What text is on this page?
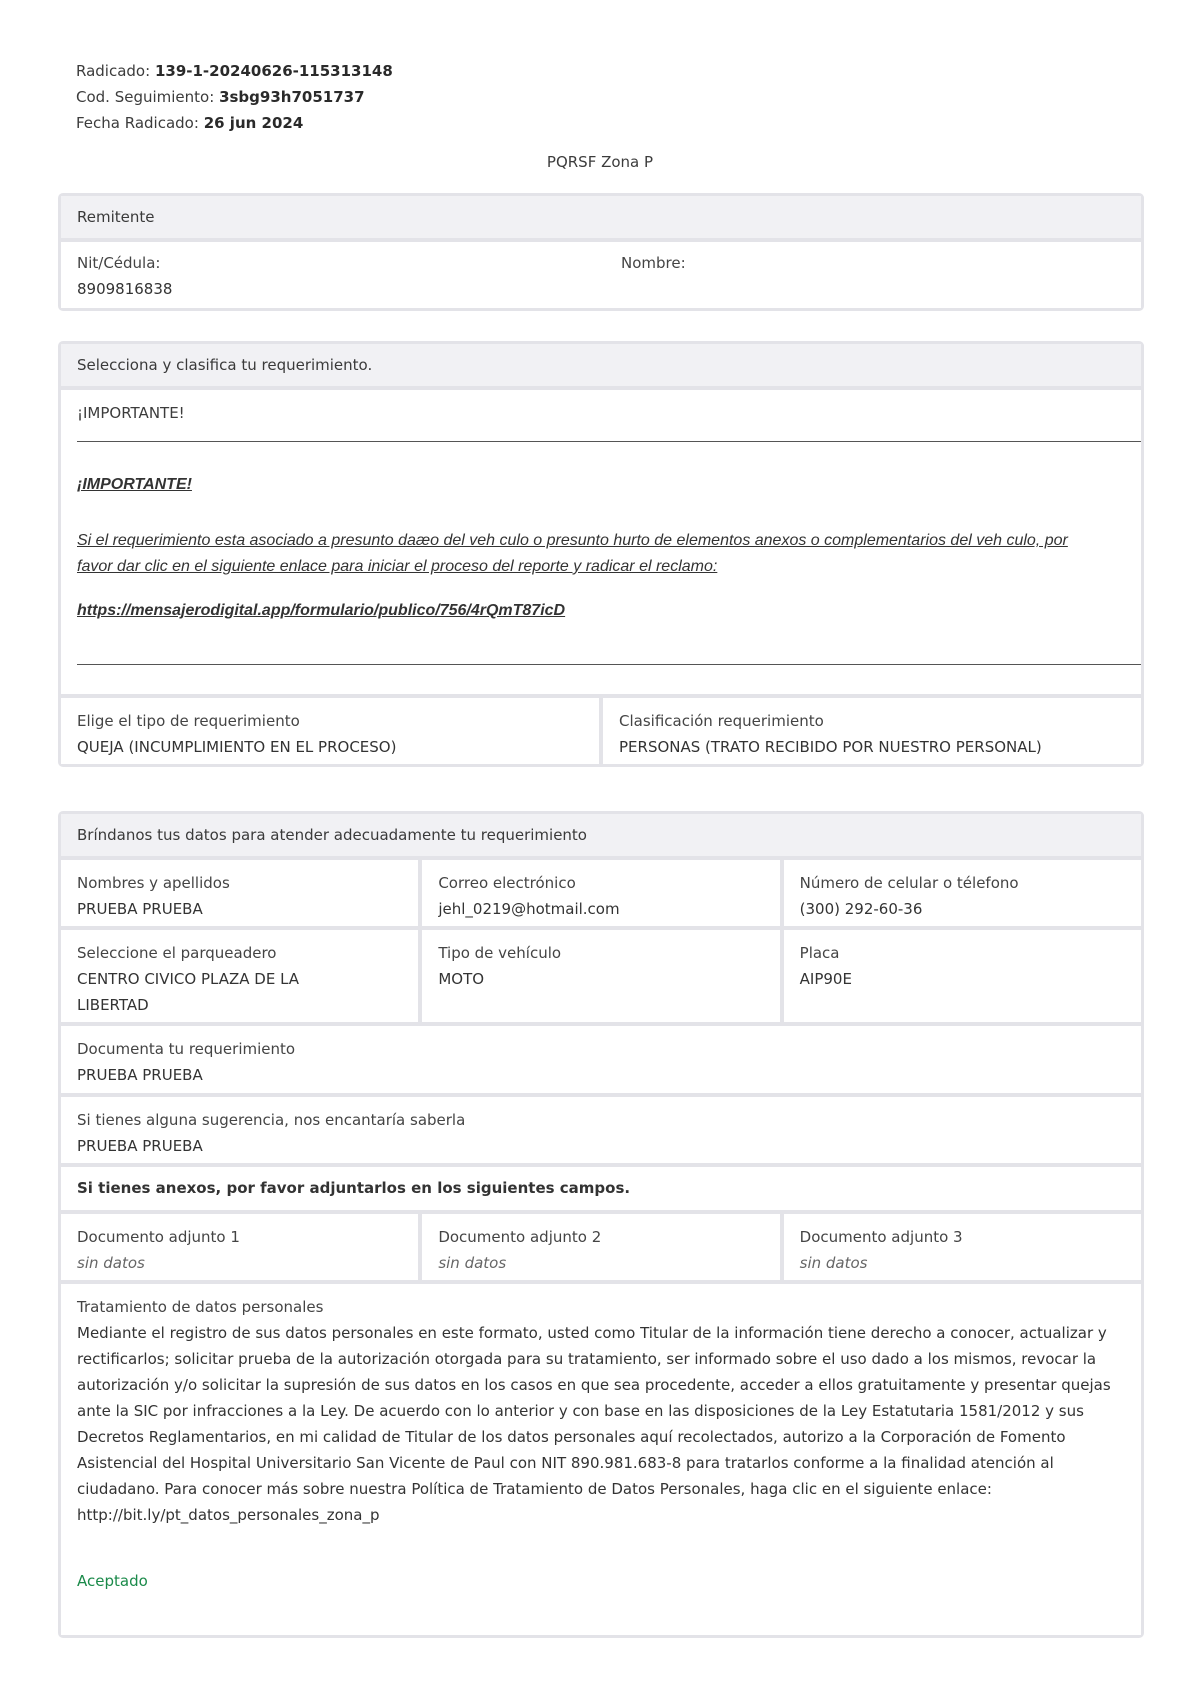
Radicado: 139-1-20240626-115313148
Cod. Seguimiento: 3sbg93h7051737
Fecha Radicado: 26 jun 2024
PQRSF Zona P
Remitente
Nit/Cédula:
8909816838
Nombre:
Selecciona y clasifica tu requerimiento.
¡IMPORTANTE!
¡IMPORTANTE!
Si el requerimiento esta asociado a presunto daæo del veh culo o presunto hurto de elementos anexos o complementarios del veh culo, por favor dar clic en el siguiente enlace para iniciar el proceso del reporte y radicar el reclamo:
https://mensajerodigital.app/formulario/publico/756/4rQmT87icD
Elige el tipo de requerimiento
QUEJA (INCUMPLIMIENTO EN EL PROCESO)
Clasificación requerimiento
PERSONAS (TRATO RECIBIDO POR NUESTRO PERSONAL)
Bríndanos tus datos para atender adecuadamente tu requerimiento
Nombres y apellidos
PRUEBA PRUEBA
Correo electrónico
jehl_0219@hotmail.com
Número de celular o télefono
(300) 292-60-36
Seleccione el parqueadero
CENTRO CIVICO PLAZA DE LA LIBERTAD
Tipo de vehículo
MOTO
Placa
AIP90E
Documenta tu requerimiento
PRUEBA PRUEBA
Si tienes alguna sugerencia, nos encantaría saberla
PRUEBA PRUEBA
Si tienes anexos, por favor adjuntarlos en los siguientes campos.
Documento adjunto 1
sin datos
Documento adjunto 2
sin datos
Documento adjunto 3
sin datos
Tratamiento de datos personales
Mediante el registro de sus datos personales en este formato, usted como Titular de la información tiene derecho a conocer, actualizar y rectificarlos; solicitar prueba de la autorización otorgada para su tratamiento, ser informado sobre el uso dado a los mismos, revocar la autorización y/o solicitar la supresión de sus datos en los casos en que sea procedente, acceder a ellos gratuitamente y presentar quejas ante la SIC por infracciones a la Ley. De acuerdo con lo anterior y con base en las disposiciones de la Ley Estatutaria 1581/2012 y sus Decretos Reglamentarios, en mi calidad de Titular de los datos personales aquí recolectados, autorizo a la Corporación de Fomento Asistencial del Hospital Universitario San Vicente de Paul con NIT 890.981.683-8 para tratarlos conforme a la finalidad atención al ciudadano. Para conocer más sobre nuestra Política de Tratamiento de Datos Personales, haga clic en el siguiente enlace: http://bit.ly/pt_datos_personales_zona_p
Aceptado
